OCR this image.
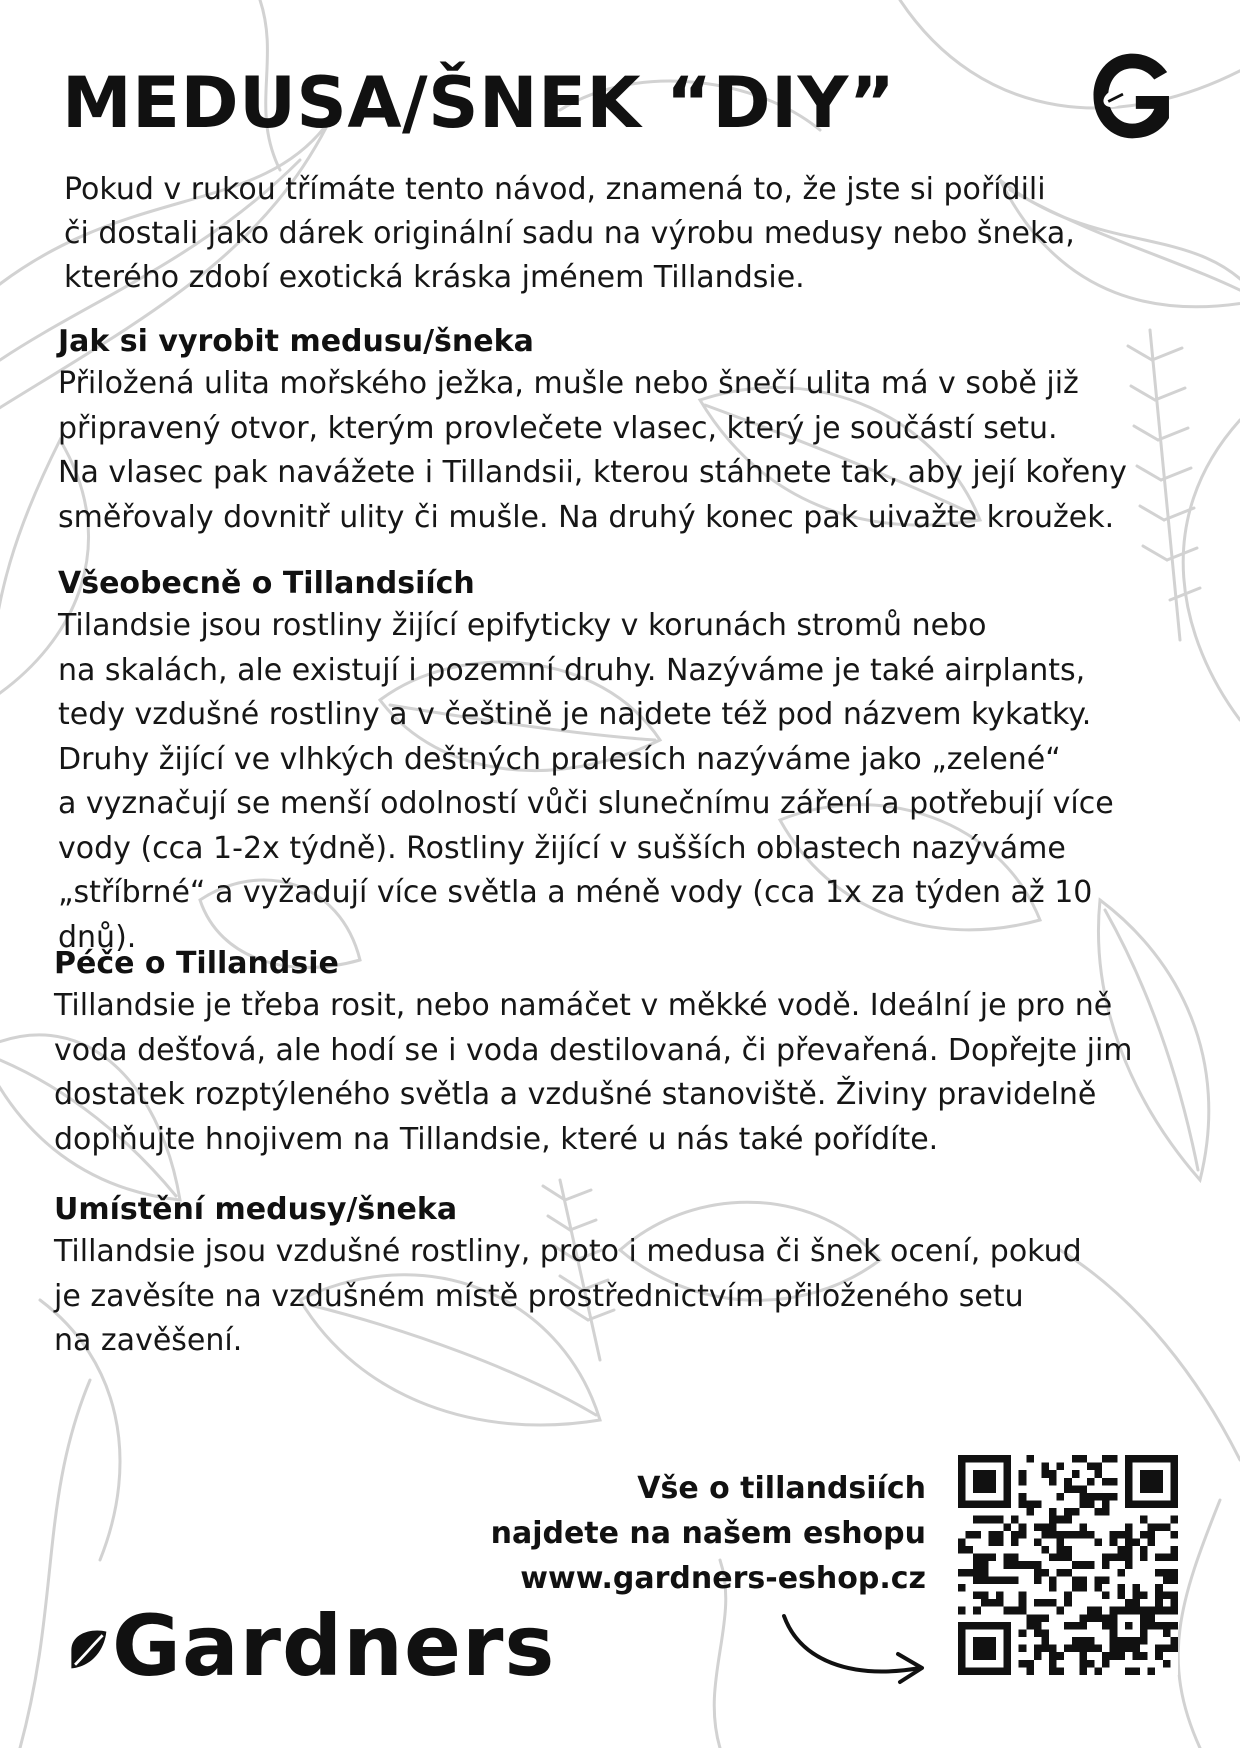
MEDUSA/ŠNEK “DIY”

Pokud v rukou třímáte tento návod, znamená to, že jste si pořídili
či dostali jako dárek originální sadu na výrobu medusy nebo šneka,
kterého zdobí exotická kráska jménem Tillandsie.

Jak si vyrobit medusu/šneka

Přiložená ulita mořského ježka, mušle nebo šnečí ulita má v sobě již
připravený otvor, kterým provlečete vlasec, který je součástí setu.
Na vlasec pak navážete i Tillandsii, kterou stáhnete tak, aby její kořeny
směřovaly dovnitř ulity či mušle. Na druhý konec pak uivažte kroužek.

Všeobecně o Tillandsiích

Tilandsie jsou rostliny žijící epifyticky v korunách stromů nebo
na skalách, ale existují i pozemní druhy. Nazýváme je také airplants,
tedy vzdušné rostliny a v češtině je najdete též pod názvem kykatky.
Druhy žijící ve vlhkých deštných pralesích nazýváme jako „zelené“
a vyznačují se menší odolností vůči slunečnímu záření a potřebují více
vody (cca 1-2x týdně). Rostliny žijící v sušších oblastech nazýváme
„stříbrné“ a vyžadují více světla a méně vody (cca 1x za týden až 10 dnů).

Péče o Tillandsie

Tillandsie je třeba rosit, nebo namáčet v měkké vodě. Ideální je pro ně
voda dešťová, ale hodí se i voda destilovaná, či převařená. Dopřejte jim
dostatek rozptýleného světla a vzdušné stanoviště. Živiny pravidelně
doplňujte hnojivem na Tillandsie, které u nás také pořídíte.

Umístění medusy/šneka

Tillandsie jsou vzdušné rostliny, proto i medusa či šnek ocení, pokud
je zavěsíte na vzdušném místě prostřednictvím přiloženého setu
na zavěšení.

Vše o tillandsiích
najdete na našem eshopu
www.gardners-eshop.cz
Gardners
